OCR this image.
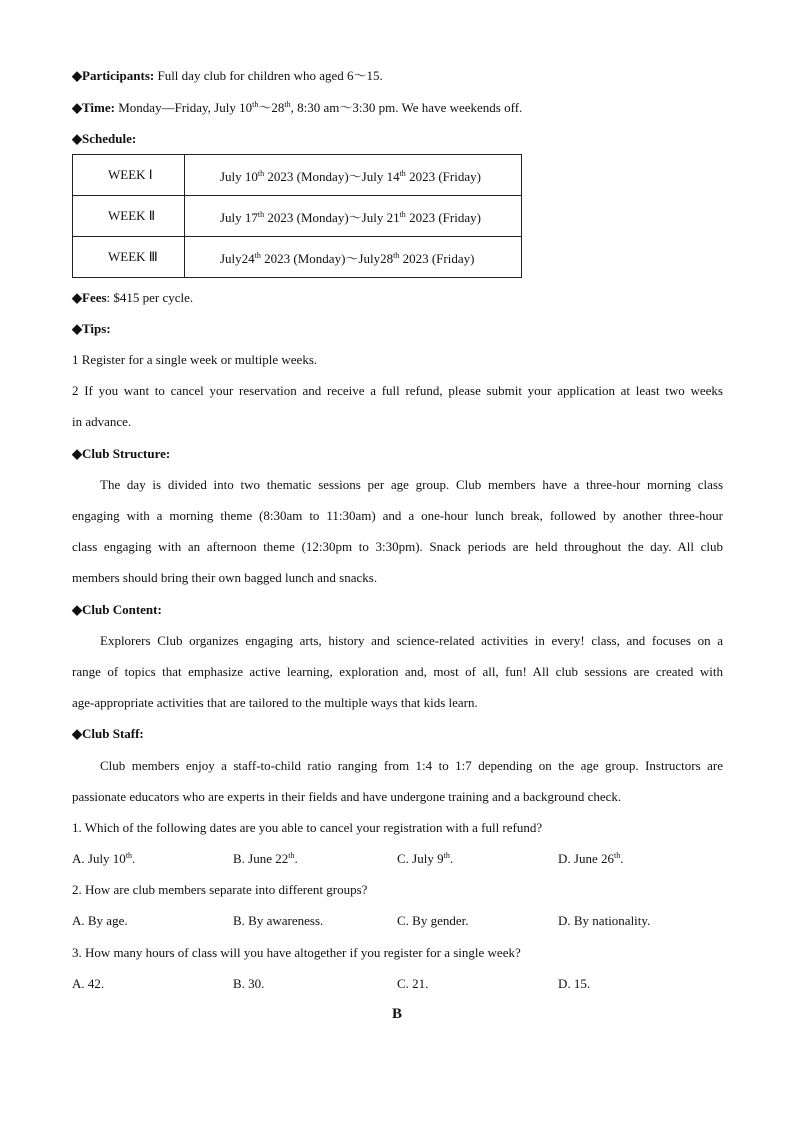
◆Participants: Full day club for children who aged 6～15.
◆Time: Monday—Friday, July 10th～28th, 8:30 am～3:30 pm. We have weekends off.
◆Schedule:
WEEK Ⅰ	July 10th 2023 (Monday)～July 14th 2023 (Friday)
WEEK Ⅱ	July 17th 2023 (Monday)～July 21th 2023 (Friday)
WEEK Ⅲ	July24th 2023 (Monday)～July28th 2023 (Friday)
◆Fees: $415 per cycle.
◆Tips:
1 Register for a single week or multiple weeks.
2 If you want to cancel your reservation and receive a full refund, please submit your application at least two weeks
in advance.
◆Club Structure:
The day is divided into two thematic sessions per age group. Club members have a three-hour morning class
engaging with a morning theme (8:30am to 11:30am) and a one-hour lunch break, followed by another three-hour
class engaging with an afternoon theme (12:30pm to 3:30pm). Snack periods are held throughout the day. All club
members should bring their own bagged lunch and snacks.
◆Club Content:
Explorers Club organizes engaging arts, history and science-related activities in every! class, and focuses on a
range of topics that emphasize active learning, exploration and, most of all, fun! All club sessions are created with
age-appropriate activities that are tailored to the multiple ways that kids learn.
◆Club Staff:
Club members enjoy a staff-to-child ratio ranging from 1:4 to 1:7 depending on the age group. Instructors are
passionate educators who are experts in their fields and have undergone training and a background check.
1. Which of the following dates are you able to cancel your registration with a full refund?
A. July 10th.	B. June 22th.	C. July 9th.	D. June 26th.
2. How are club members separate into different groups?
A. By age.	B. By awareness.	C. By gender.	D. By nationality.
3. How many hours of class will you have altogether if you register for a single week?
A. 42.	B. 30.	C. 21.	D. 15.
B
